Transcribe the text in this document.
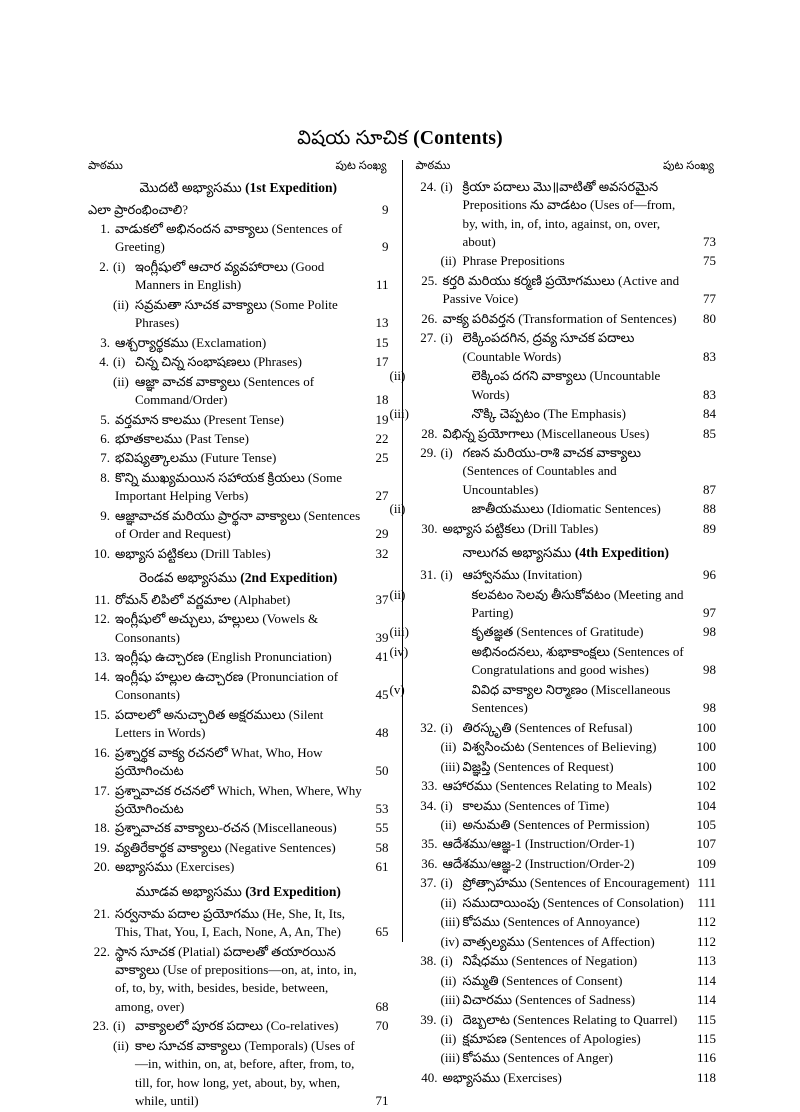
విషయ సూచిక (Contents)
పాఠము	పుట సంఖ్య
మొదటి అభ్యాసము (1st Expedition)
ఎలా ప్రారంభించాలి?	9
1. వాడుకలో అభినందన వాక్యాలు (Sentences of Greeting)	9
2. (i) ఇంగ్లీషులో ఆచార వ్యవహారాలు (Good Manners in English)	11
(ii) సవ్రమతా సూచక వాక్యాలు (Some Polite Phrases)	13
3. ఆశ్చర్యార్థకము (Exclamation)	15
4. (i) చిన్న చిన్న సంభాషణలు (Phrases)	17
(ii) ఆజ్ఞా వాచక వాక్యాలు (Sentences of Command/Order)	18
5. వర్తమాన కాలము (Present Tense)	19
6. భూతకాలము (Past Tense)	22
7. భవిష్యత్కాలము (Future Tense)	25
8. కొన్ని ముఖ్యమయిన సహాయక క్రియలు (Some Important Helping Verbs)	27
9. ఆజ్ఞావాచక మరియు ప్రార్థనా వాక్యాలు (Sentences of Order and Request)	29
10. అభ్యాస పట్టికలు (Drill Tables)	32
రెండవ అభ్యాసము (2nd Expedition)
11. రోమన్ లిపిలో వర్ణమాల (Alphabet)	37
12. ఇంగ్లీషులో అచ్చులు, హల్లులు (Vowels & Consonants)	39
13. ఇంగ్లీషు ఉచ్చారణ (English Pronunciation)	41
14. ఇంగ్లీషు హల్లుల ఉచ్చారణ (Pronunciation of Consonants)	45
15. పదాలలో అనుచ్చారిత అక్షరములు (Silent Letters in Words)	48
16. ప్రశ్నార్థక వాక్య రచనలో What, Who, How ప్రయోగించుట	50
17. ప్రశ్నావాచక రచనలో Which, When, Where, Why ప్రయోగించుట	53
18. ప్రశ్నావాచక వాక్యాలు-రచన (Miscellaneous)	55
19. వ్యతిరేకార్థక వాక్యాలు (Negative Sentences)	58
20. అభ్యాసము (Exercises)	61
మూడవ అభ్యాసము (3rd Expedition)
21. సర్వనామ పదాల ప్రయోగము (He, She, It, Its, This, That, You, I, Each, None, A, An, The)	65
22. స్థాన సూచక (Platial) పదాలతో తయారయిన వాక్యాలు (Use of prepositions—on, at, into, in, of, to, by, with, besides, beside, between, among, over)	68
23. (i) వాక్యాలలో పూరక పదాలు (Co-relatives)	70
(ii) కాల సూచక వాక్యాలు (Temporals) (Uses of—in, within, on, at, before, after, from, to, till, for, how long, yet, about, by, when, while, until)	71
పాఠము	పుట సంఖ్య
24. (i) క్రియా పదాలు మొ॥వాటితో అవసరమైన Prepositions ను వాడటం (Uses of—from, by, with, in, of, into, against, on, over, about)	73
(ii) Phrase Prepositions	75
25. కర్తరి మరియు కర్మణి ప్రయోగములు (Active and Passive Voice)	77
26. వాక్య పరివర్తన (Transformation of Sentences)	80
27. (i) లెక్కింపదగిన, ద్రవ్య సూచక పదాలు (Countable Words)	83
(ii)	లెక్కింప దగని వాక్యాలు (Uncountable Words)	83
(iii)	నొక్కి చెప్పటం (The Emphasis)	84
28. విభిన్న ప్రయోగాలు (Miscellaneous Uses)	85
29. (i) గణన మరియు-రాశి వాచక వాక్యాలు (Sentences of Countables and Uncountables)	87
(ii)	జాతీయములు (Idiomatic Sentences)	88
30. అభ్యాస పట్టికలు (Drill Tables)	89
నాలుగవ అభ్యాసము (4th Expedition)
31. (i) ఆహ్వానము (Invitation)	96
(ii)	కలవటం సెలవు తీసుకోవటం (Meeting and Parting)	97
(iii)	కృతజ్ఞత (Sentences of Gratitude)	98
(iv)	అభినందనలు, శుభాకాంక్షలు (Sentences of Congratulations and good wishes)	98
(v)	వివిధ వాక్యాల నిర్మాణం (Miscellaneous Sentences)	98
32. (i) తిరస్కృతి (Sentences of Refusal)	100
(ii) విశ్వసించుట (Sentences of Believing)	100
(iii) విజ్ఞప్తి (Sentences of Request)	100
33. ఆహారము (Sentences Relating to Meals)	102
34. (i) కాలము (Sentences of Time)	104
(ii) అనుమతి (Sentences of Permission)	105
35. ఆదేశము/ఆజ్ఞ-1 (Instruction/Order-1)	107
36. ఆదేశము/ఆజ్ఞ-2 (Instruction/Order-2)	109
37. (i) ప్రోత్సాహము (Sentences of Encouragement) 111
(ii) సముదాయింపు (Sentences of Consolation)	111
(iii) కోపము (Sentences of Annoyance)	112
(iv) వాత్సల్యము (Sentences of Affection)	112
38. (i) నిషేధము (Sentences of Negation)	113
(ii) సమ్మతి (Sentences of Consent)	114
(iii) విచారము (Sentences of Sadness)	114
39. (i) దెబ్బలాట (Sentences Relating to Quarrel)	115
(ii) క్షమాపణ (Sentences of Apologies)	115
(iii) కోపము (Sentences of Anger)	116
40. అభ్యాసము (Exercises)	118
